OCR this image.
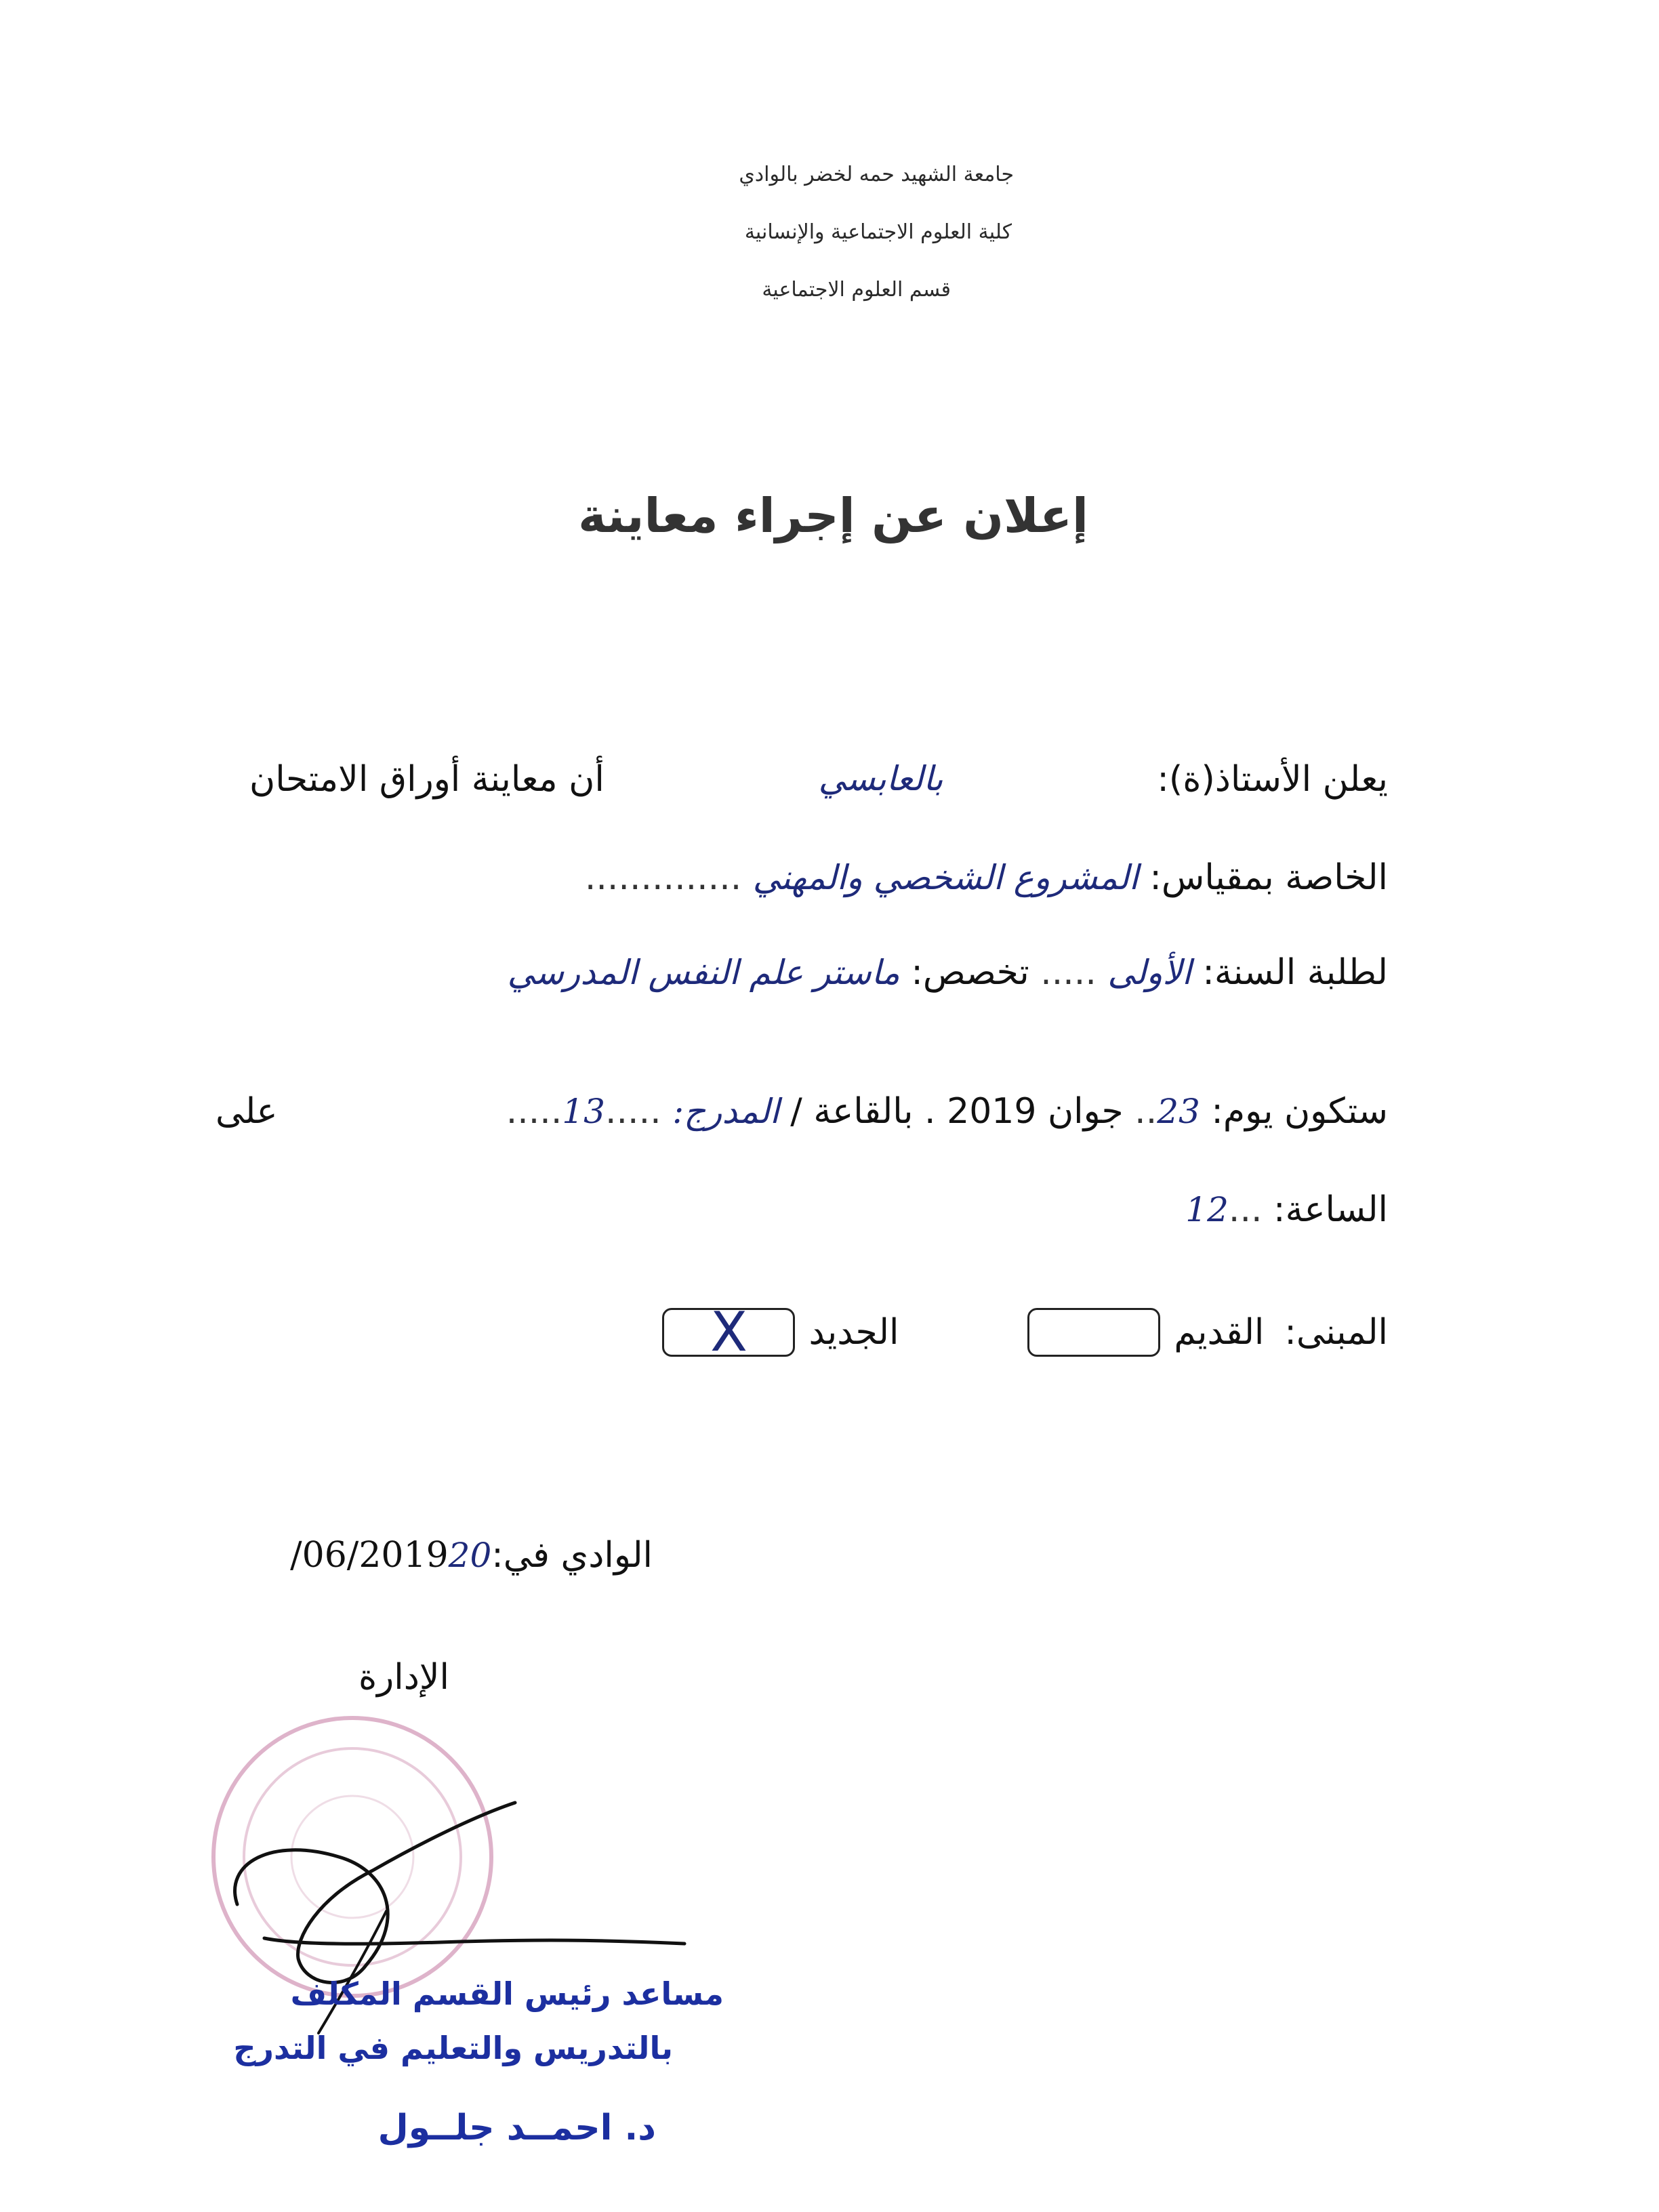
جامعة الشهيد حمه لخضر بالوادي
كلية العلوم الاجتماعية والإنسانية
قسم العلوم الاجتماعية
إعلان عن إجراء معاينة
يعلن الأستاذ(ة):
بالعابسي
أن معاينة أوراق الامتحان
الخاصة بمقياس: المشروع الشخصي والمهني ..............
لطلبة السنة: الأولى ..... تخصص: ماستر علم النفس المدرسي
ستكون يوم: 23.. جوان 2019 . بالقاعة / المدرج: .....13.....
على
الساعة: ...12
المبنى:
القديم
الجديد
X
الوادي في:20/06/2019
الإدارة
مساعد رئيس القسم المكلف
بالتدريس والتعليم في التدرج
د. احمــد جلــول
